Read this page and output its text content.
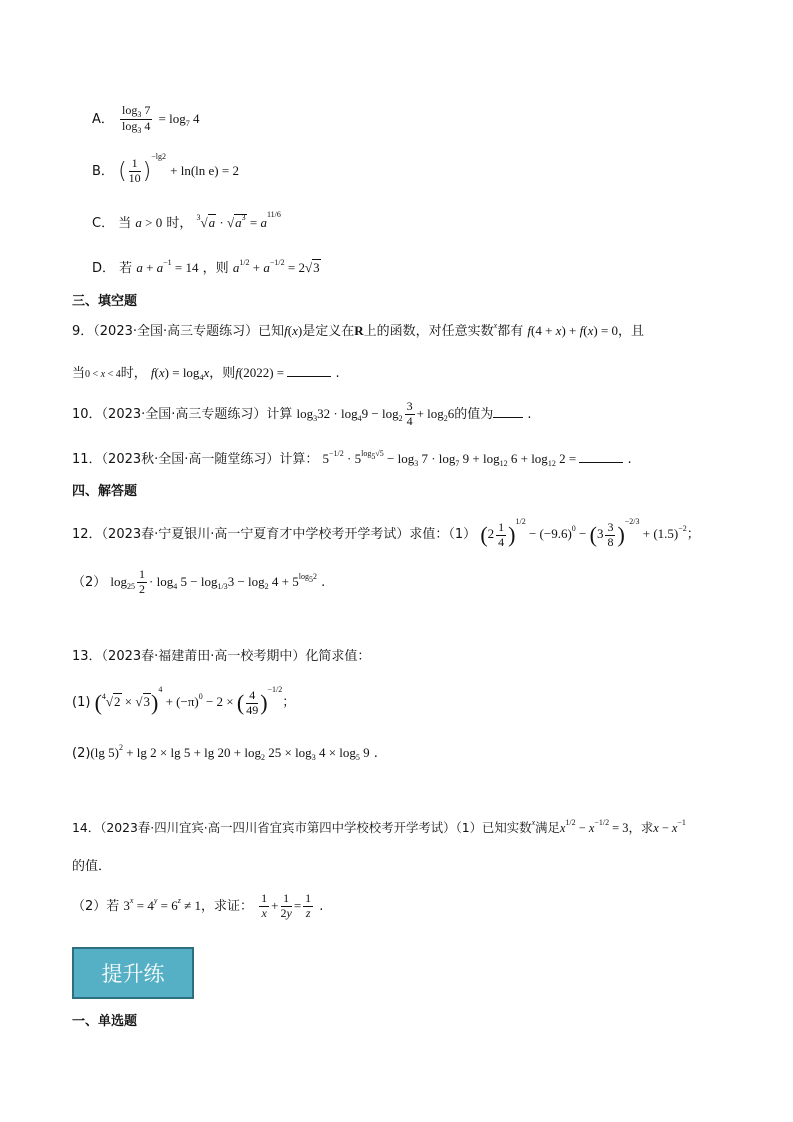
A． $\frac{\log_3 7}{\log_3 4} = \log_7 4$
B． ( $\frac{1}{10} )^{-lg2} + \ln(\ln$ e) = 2
C． 当 a > 0 时， $^3√a \cdot √a^3 = a^{11/6}$
D． 若 $a + a^{-1} = 14$ ，则 $a^{1/2} + a^{-1/2} = 2√3$
三、填空题
9．（2023·全国·高三专题练习）已知f(x)是定义在R上的函数，对任意实数$^x$都有 f(4 + x) + f(x) = 0，且
当0 < x < 4时， $f(x) = \log_4x$，则f(2022) =	.
10．（2023·全国·高三专题练习）计算 $\log_332 \cdot \log_49 - \log_2 \frac{3}{4} + \log_26$的值为 .
11．（2023秋·全国·高一随堂练习）计算： $5^{-1/2} \cdot 5^{log_5√5} - \log_3 7 \cdot \log_7 9 + \log_{12} 6 + \log_{12} 2$ =	.
四、解答题
12．（2023春·宁夏银川·高一宁夏育才中学校考开学考试）求值：（1） $(2 \frac{1}{4} )^{1/2} - (-9.6)^0 - (3 \frac{3}{8} )^{-2/3} + (1.5)^{-2}$；
（2） $\log_{25} \frac{1}{2} \cdot \log_4 5 - \log_{1/3}3 - \log_2 4 + 5^{log_52}$ .
13．（2023春·福建莆田·高一校考期中）化简求值：
(1) $(^4√2 \times √3)^4 + (-\pi)^0 - 2$ × ( $\frac{4}{49} )^{-1/2}$；
(2)(lg $5)^2 + \lg 2 \times \lg 5 + \lg 20 + \log_2 25 \times \log_3 4 \times \log_5 9$ .
14．（2023春·四川宜宾·高一四川省宜宾市第四中学校校考开学考试）（1）已知实数$^x$满足$x^{1/2} - x^{-1/2} = 3$，求$x - x^{-1}$
的值．
（2）若 $3^x = 4^y = 6^z \ne 1$，求证： $\frac{1}{x} + \frac{1}{2y} = \frac{1}{z}$ .
提升练
一、单选题
